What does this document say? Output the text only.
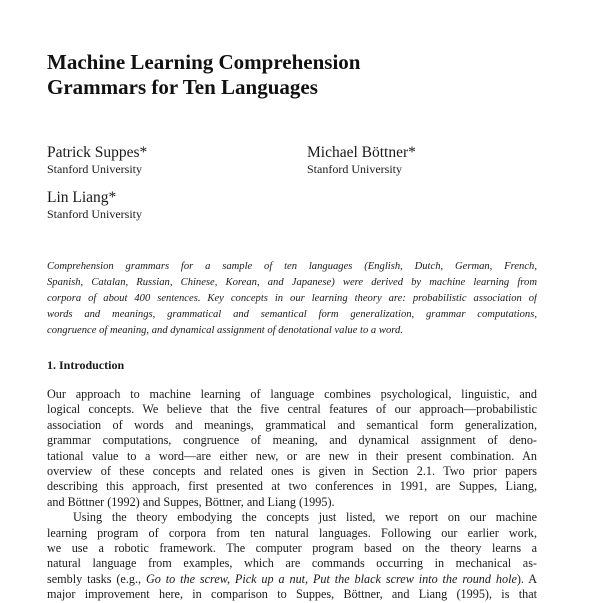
Machine Learning Comprehension
Grammars for Ten Languages
Patrick Suppes*
Stanford University
Michael Böttner*
Stanford University
Lin Liang*
Stanford University

Comprehension grammars for a sample of ten languages (English, Dutch, German, French,
Spanish, Catalan, Russian, Chinese, Korean, and Japanese) were derived by machine learning from
corpora of about 400 sentences. Key concepts in our learning theory are: probabilistic association of
words and meanings, grammatical and semantical form generalization, grammar computations,
congruence of meaning, and dynamical assignment of denotational value to a word.

1. Introduction
Our approach to machine learning of language combines psychological, linguistic, and
logical concepts. We believe that the five central features of our approach—probabilistic
association of words and meanings, grammatical and semantical form generalization,
grammar computations, congruence of meaning, and dynamical assignment of deno-
tational value to a word—are either new, or are new in their present combination. An
overview of these concepts and related ones is given in Section 2.1. Two prior papers
describing this approach, first presented at two conferences in 1991, are Suppes, Liang,
and Böttner (1992) and Suppes, Böttner, and Liang (1995).
Using the theory embodying the concepts just listed, we report on our machine
learning program of corpora from ten natural languages. Following our earlier work,
we use a robotic framework. The computer program based on the theory learns a
natural language from examples, which are commands occurring in mechanical as-
sembly tasks (e.g., Go to the screw, Pick up a nut, Put the black screw into the round hole). A
major improvement here, in comparison to Suppes, Böttner, and Liang (1995), is that
